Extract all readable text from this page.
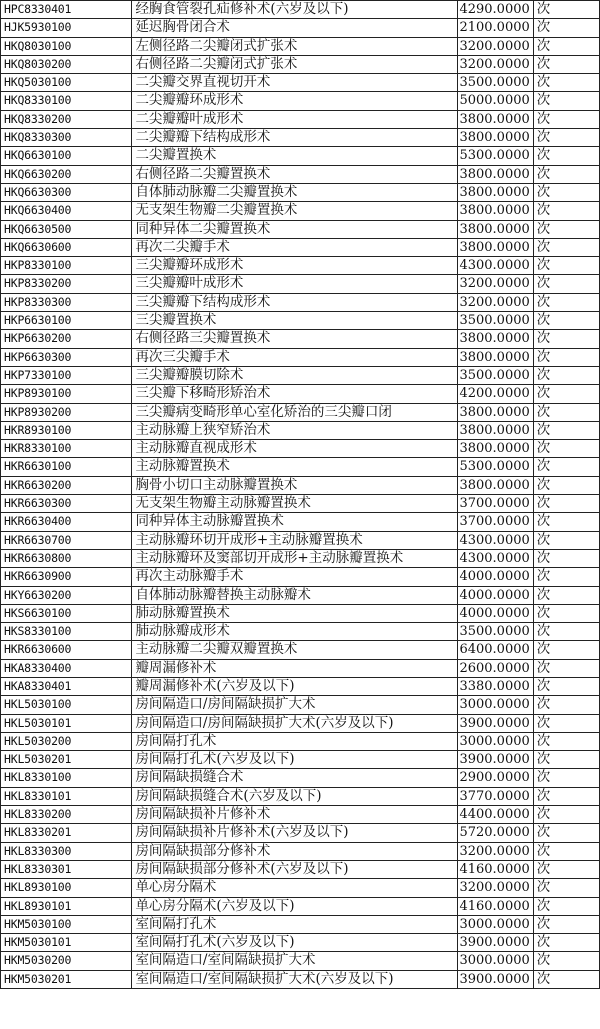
HPC8330401	经胸食管裂孔疝修补术(六岁及以下)	4290.0000	次
HJK5930100	延迟胸骨闭合术	2100.0000	次
HKQ8030100	左侧径路二尖瓣闭式扩张术	3200.0000	次
HKQ8030200	右侧径路二尖瓣闭式扩张术	3200.0000	次
HKQ5030100	二尖瓣交界直视切开术	3500.0000	次
HKQ8330100	二尖瓣瓣环成形术	5000.0000	次
HKQ8330200	二尖瓣瓣叶成形术	3800.0000	次
HKQ8330300	二尖瓣瓣下结构成形术	3800.0000	次
HKQ6630100	二尖瓣置换术	5300.0000	次
HKQ6630200	右侧径路二尖瓣置换术	3800.0000	次
HKQ6630300	自体肺动脉瓣二尖瓣置换术	3800.0000	次
HKQ6630400	无支架生物瓣二尖瓣置换术	3800.0000	次
HKQ6630500	同种异体二尖瓣置换术	3800.0000	次
HKQ6630600	再次二尖瓣手术	3800.0000	次
HKP8330100	三尖瓣瓣环成形术	4300.0000	次
HKP8330200	三尖瓣瓣叶成形术	3200.0000	次
HKP8330300	三尖瓣瓣下结构成形术	3200.0000	次
HKP6630100	三尖瓣置换术	3500.0000	次
HKP6630200	右侧径路三尖瓣置换术	3800.0000	次
HKP6630300	再次三尖瓣手术	3800.0000	次
HKP7330100	三尖瓣瓣膜切除术	3500.0000	次
HKP8930100	三尖瓣下移畸形矫治术	4200.0000	次
HKP8930200	三尖瓣病变畸形单心室化矫治的三尖瓣口闭	3800.0000	次
HKR8930100	主动脉瓣上狭窄矫治术	3800.0000	次
HKR8330100	主动脉瓣直视成形术	3800.0000	次
HKR6630100	主动脉瓣置换术	5300.0000	次
HKR6630200	胸骨小切口主动脉瓣置换术	3800.0000	次
HKR6630300	无支架生物瓣主动脉瓣置换术	3700.0000	次
HKR6630400	同种异体主动脉瓣置换术	3700.0000	次
HKR6630700	主动脉瓣环切开成形+主动脉瓣置换术	4300.0000	次
HKR6630800	主动脉瓣环及窦部切开成形+主动脉瓣置换术	4300.0000	次
HKR6630900	再次主动脉瓣手术	4000.0000	次
HKY6630200	自体肺动脉瓣替换主动脉瓣术	4000.0000	次
HKS6630100	肺动脉瓣置换术	4000.0000	次
HKS8330100	肺动脉瓣成形术	3500.0000	次
HKR6630600	主动脉瓣二尖瓣双瓣置换术	6400.0000	次
HKA8330400	瓣周漏修补术	2600.0000	次
HKA8330401	瓣周漏修补术(六岁及以下)	3380.0000	次
HKL5030100	房间隔造口/房间隔缺损扩大术	3000.0000	次
HKL5030101	房间隔造口/房间隔缺损扩大术(六岁及以下)	3900.0000	次
HKL5030200	房间隔打孔术	3000.0000	次
HKL5030201	房间隔打孔术(六岁及以下)	3900.0000	次
HKL8330100	房间隔缺损缝合术	2900.0000	次
HKL8330101	房间隔缺损缝合术(六岁及以下)	3770.0000	次
HKL8330200	房间隔缺损补片修补术	4400.0000	次
HKL8330201	房间隔缺损补片修补术(六岁及以下)	5720.0000	次
HKL8330300	房间隔缺损部分修补术	3200.0000	次
HKL8330301	房间隔缺损部分修补术(六岁及以下)	4160.0000	次
HKL8930100	单心房分隔术	3200.0000	次
HKL8930101	单心房分隔术(六岁及以下)	4160.0000	次
HKM5030100	室间隔打孔术	3000.0000	次
HKM5030101	室间隔打孔术(六岁及以下)	3900.0000	次
HKM5030200	室间隔造口/室间隔缺损扩大术	3000.0000	次
HKM5030201	室间隔造口/室间隔缺损扩大术(六岁及以下)	3900.0000	次
